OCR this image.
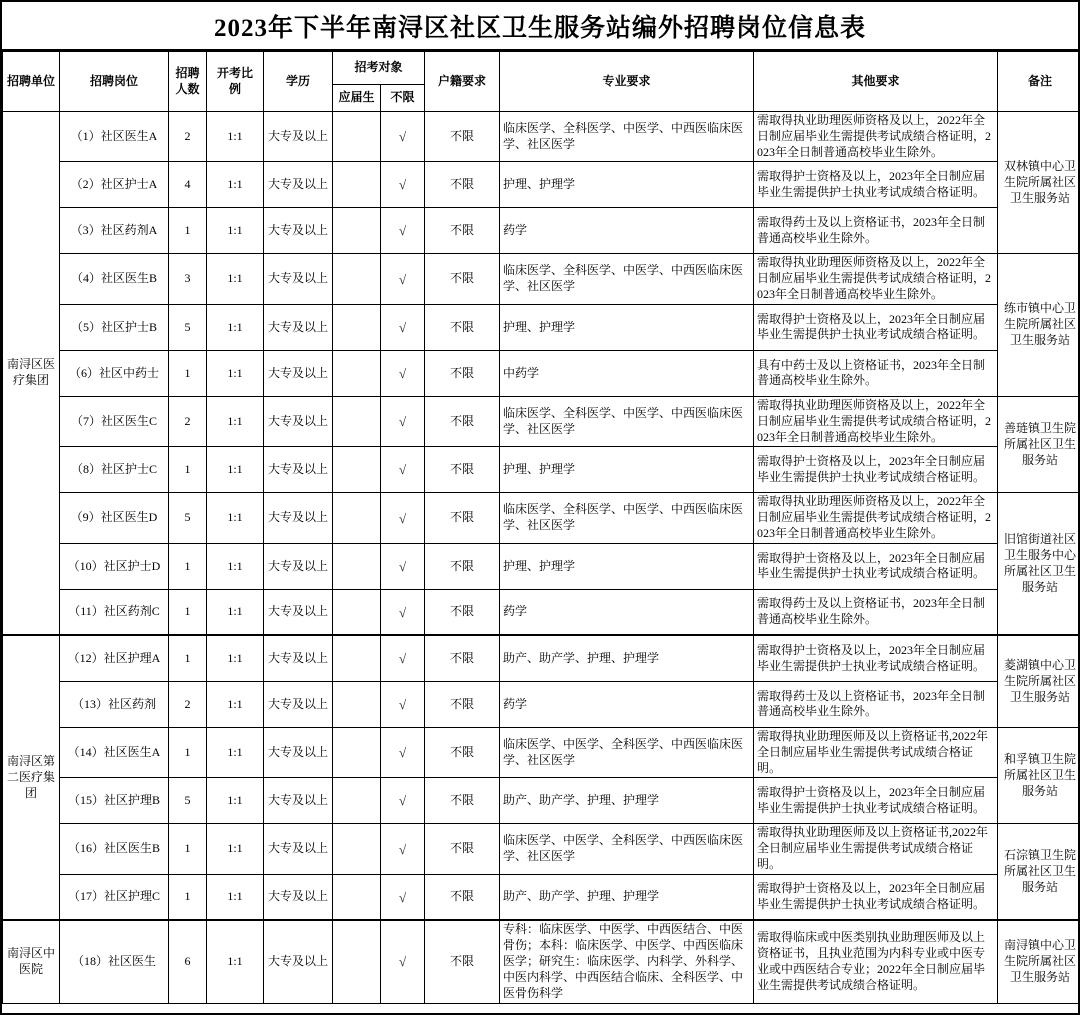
2023年下半年南浔区社区卫生服务站编外招聘岗位信息表
招聘单位	招聘岗位	招聘人数	开考比例	学历	招考对象		户籍要求	专业要求	其他要求	备注
					应届生	不限				
南浔区医疗集团	（1）社区医生A	2	1:1	大专及以上		√	不限	临床医学、全科医学、中医学、中西医临床医学、社区医学	需取得执业助理医师资格及以上，2022年全日制应届毕业生需提供考试成绩合格证明，2023年全日制普通高校毕业生除外。	双林镇中心卫生院所属社区卫生服务站
	（2）社区护士A	4	1:1	大专及以上		√	不限	护理、护理学	需取得护士资格及以上，2023年全日制应届毕业生需提供护士执业考试成绩合格证明。	
	（3）社区药剂A	1	1:1	大专及以上		√	不限	药学	需取得药士及以上资格证书，2023年全日制普通高校毕业生除外。	
	（4）社区医生B	3	1:1	大专及以上		√	不限	临床医学、全科医学、中医学、中西医临床医学、社区医学	需取得执业助理医师资格及以上，2022年全日制应届毕业生需提供考试成绩合格证明，2023年全日制普通高校毕业生除外。	练市镇中心卫生院所属社区卫生服务站
	（5）社区护士B	5	1:1	大专及以上		√	不限	护理、护理学	需取得护士资格及以上，2023年全日制应届毕业生需提供护士执业考试成绩合格证明。	
	（6）社区中药士	1	1:1	大专及以上		√	不限	中药学	具有中药士及以上资格证书，2023年全日制普通高校毕业生除外。	
	（7）社区医生C	2	1:1	大专及以上		√	不限	临床医学、全科医学、中医学、中西医临床医学、社区医学	需取得执业助理医师资格及以上，2022年全日制应届毕业生需提供考试成绩合格证明，2023年全日制普通高校毕业生除外。	善琏镇卫生院所属社区卫生服务站
	（8）社区护士C	1	1:1	大专及以上		√	不限	护理、护理学	需取得护士资格及以上，2023年全日制应届毕业生需提供护士执业考试成绩合格证明。	
	（9）社区医生D	5	1:1	大专及以上		√	不限	临床医学、全科医学、中医学、中西医临床医学、社区医学	需取得执业助理医师资格及以上，2022年全日制应届毕业生需提供考试成绩合格证明，2023年全日制普通高校毕业生除外。	旧馆街道社区卫生服务中心所属社区卫生服务站
	（10）社区护士D	1	1:1	大专及以上		√	不限	护理、护理学	需取得护士资格及以上，2023年全日制应届毕业生需提供护士执业考试成绩合格证明。	
	（11）社区药剂C	1	1:1	大专及以上		√	不限	药学	需取得药士及以上资格证书，2023年全日制普通高校毕业生除外。	
南浔区第二医疗集团	（12）社区护理A	1	1:1	大专及以上		√	不限	助产、助产学、护理、护理学	需取得护士资格及以上，2023年全日制应届毕业生需提供护士执业考试成绩合格证明。	菱湖镇中心卫生院所属社区卫生服务站
	（13）社区药剂	2	1:1	大专及以上		√	不限	药学	需取得药士及以上资格证书，2023年全日制普通高校毕业生除外。	
	（14）社区医生A	1	1:1	大专及以上		√	不限	临床医学、中医学、全科医学、中西医临床医学、社区医学	需取得执业助理医师及以上资格证书,2022年全日制应届毕业生需提供考试成绩合格证明。	和孚镇卫生院所属社区卫生服务站
	（15）社区护理B	5	1:1	大专及以上		√	不限	助产、助产学、护理、护理学	需取得护士资格及以上，2023年全日制应届毕业生需提供护士执业考试成绩合格证明。	
	（16）社区医生B	1	1:1	大专及以上		√	不限	临床医学、中医学、全科医学、中西医临床医学、社区医学	需取得执业助理医师及以上资格证书,2022年全日制应届毕业生需提供考试成绩合格证明。	石淙镇卫生院所属社区卫生服务站
	（17）社区护理C	1	1:1	大专及以上		√	不限	助产、助产学、护理、护理学	需取得护士资格及以上，2023年全日制应届毕业生需提供护士执业考试成绩合格证明。	
南浔区中医院	（18）社区医生	6	1:1	大专及以上		√	不限	专科：临床医学、中医学、中西医结合、中医骨伤；本科：临床医学、中医学、中西医临床医学；研究生：临床医学、内科学、外科学、中医内科学、中西医结合临床、全科医学、中医骨伤科学	需取得临床或中医类别执业助理医师及以上资格证书，且执业范围为内科专业或中医专业或中西医结合专业；2022年全日制应届毕业生需提供考试成绩合格证明。	南浔镇中心卫生院所属社区卫生服务站
